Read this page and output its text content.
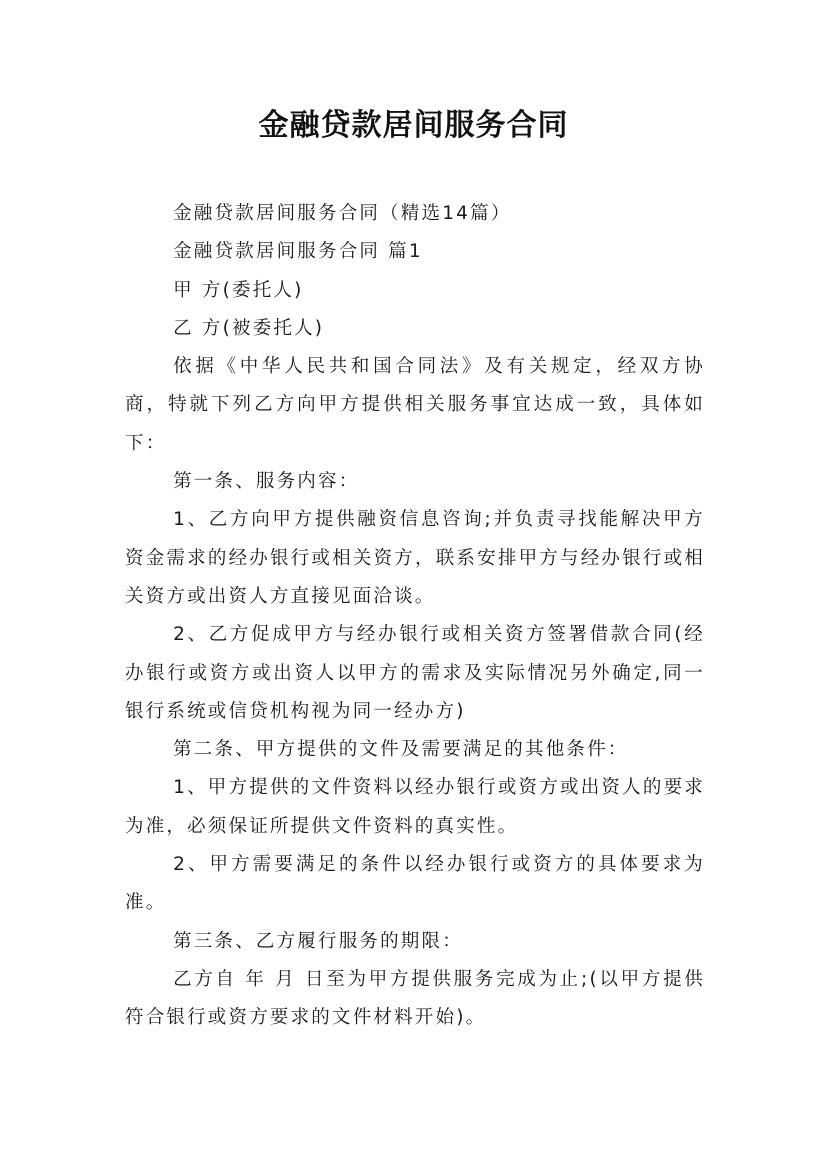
金融贷款居间服务合同

金融贷款居间服务合同（精选14篇）

金融贷款居间服务合同 篇1

甲 方(委托人)

乙 方(被委托人)

依据《中华人民共和国合同法》及有关规定，经双方协商，特就下列乙方向甲方提供相关服务事宜达成一致，具体如下：

第一条、服务内容：

1、乙方向甲方提供融资信息咨询;并负责寻找能解决甲方资金需求的经办银行或相关资方，联系安排甲方与经办银行或相关资方或出资人方直接见面洽谈。

2、乙方促成甲方与经办银行或相关资方签署借款合同(经办银行或资方或出资人以甲方的需求及实际情况另外确定,同一银行系统或信贷机构视为同一经办方)

第二条、甲方提供的文件及需要满足的其他条件：

1、甲方提供的文件资料以经办银行或资方或出资人的要求为准，必须保证所提供文件资料的真实性。

2、甲方需要满足的条件以经办银行或资方的具体要求为准。

第三条、乙方履行服务的期限：

乙方自 年 月 日至为甲方提供服务完成为止;(以甲方提供符合银行或资方要求的文件材料开始)。
